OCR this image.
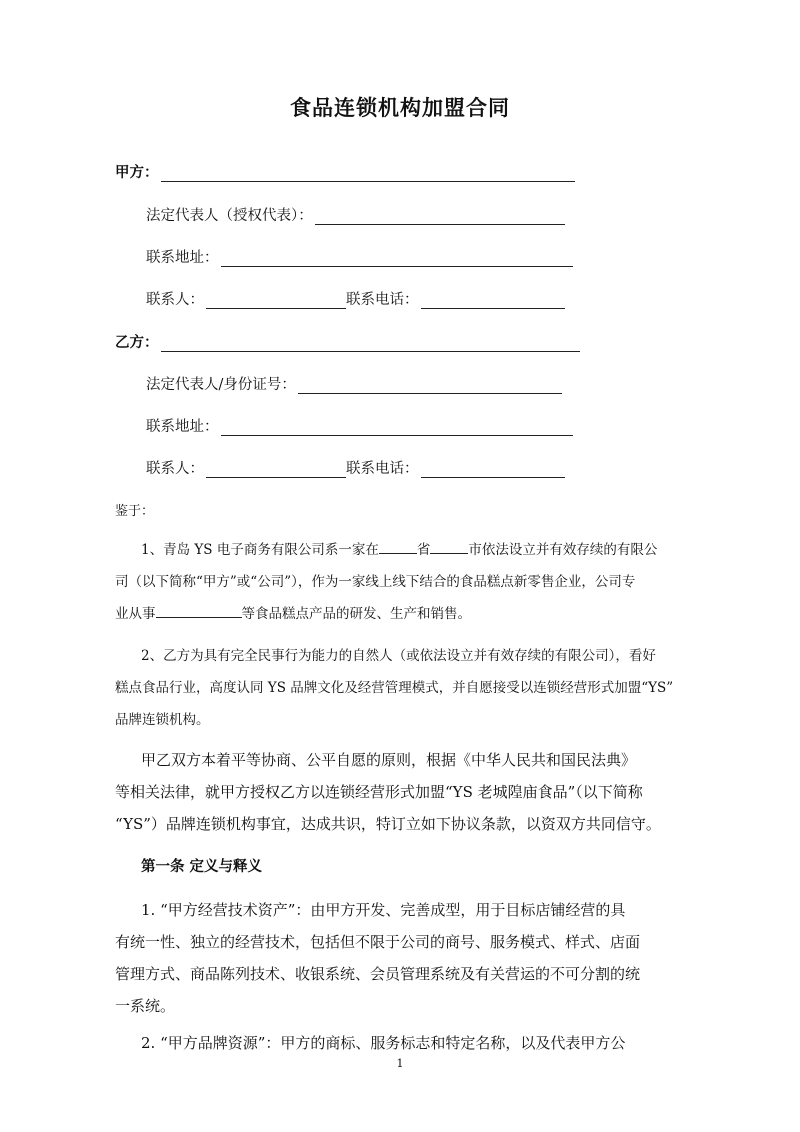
食品连锁机构加盟合同
甲方：
法定代表人（授权代表）：
联系地址：
联系人：	联系电话：
乙方：
法定代表人/身份证号：
联系地址：
联系人：	联系电话：
鉴于：
1、青岛 YS 电子商务有限公司系一家在	省	市依法设立并有效存续的有限公
司（以下简称“甲方”或“公司”），作为一家线上线下结合的食品糕点新零售企业，公司专
业从事	等食品糕点产品的研发、生产和销售。
2、乙方为具有完全民事行为能力的自然人（或依法设立并有效存续的有限公司），看好
糕点食品行业，高度认同 YS 品牌文化及经营管理模式，并自愿接受以连锁经营形式加盟“YS”
品牌连锁机构。
甲乙双方本着平等协商、公平自愿的原则，根据《中华人民共和国民法典》
等相关法律，就甲方授权乙方以连锁经营形式加盟“YS 老城隍庙食品”（以下简称
“YS”）品牌连锁机构事宜，达成共识，特订立如下协议条款，以资双方共同信守。
第一条 定义与释义
1. “甲方经营技术资产”：由甲方开发、完善成型，用于目标店铺经营的具
有统一性、独立的经营技术，包括但不限于公司的商号、服务模式、样式、店面
管理方式、商品陈列技术、收银系统、会员管理系统及有关营运的不可分割的统
一系统。
2. “甲方品牌资源”：甲方的商标、服务标志和特定名称，以及代表甲方公
1
